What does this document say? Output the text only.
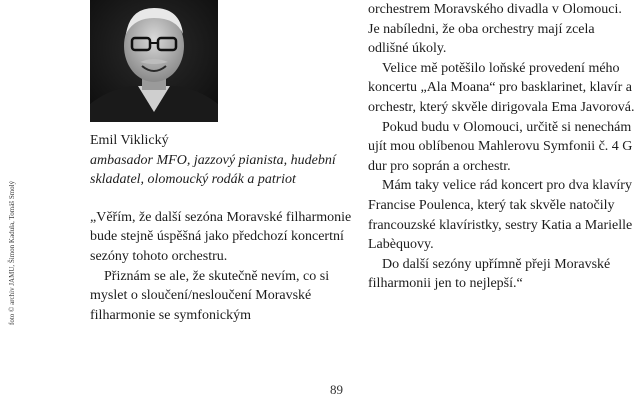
foto © archiv JAMU, Šimon Kadula, Tomáš Smolý
Emil Viklický
ambasador MFO, jazzový pianista, hudební skladatel, olomoucký rodák a patriot

„Věřím, že další sezóna Moravské filharmonie bude stejně úspěšná jako předchozí koncertní sezóny tohoto orchestru.

Přiznám se ale, že skutečně nevím, co si myslet o sloučení/nesloučení Moravské filharmonie se symfonickým

orchestrem Moravského divadla v Olomouci. Je nabíledni, že oba orchestry mají zcela odlišné úkoly.

Velice mě potěšilo loňské provedení mého koncertu „Ala Moana“ pro basklarinet, klavír a orchestr, který skvěle dirigovala Ema Javorová.

Pokud budu v Olomouci, určitě si nenechám ujít mou oblíbenou Mahlerovu Symfonii č. 4 G dur pro soprán a orchestr.

Mám taky velice rád koncert pro dva klavíry Francise Poulenca, který tak skvěle natočily francouzské klavíristky, sestry Katia a Marielle Labèquovy.

Do další sezóny upřímně přeji Moravské filharmonii jen to nejlepší.“

89
